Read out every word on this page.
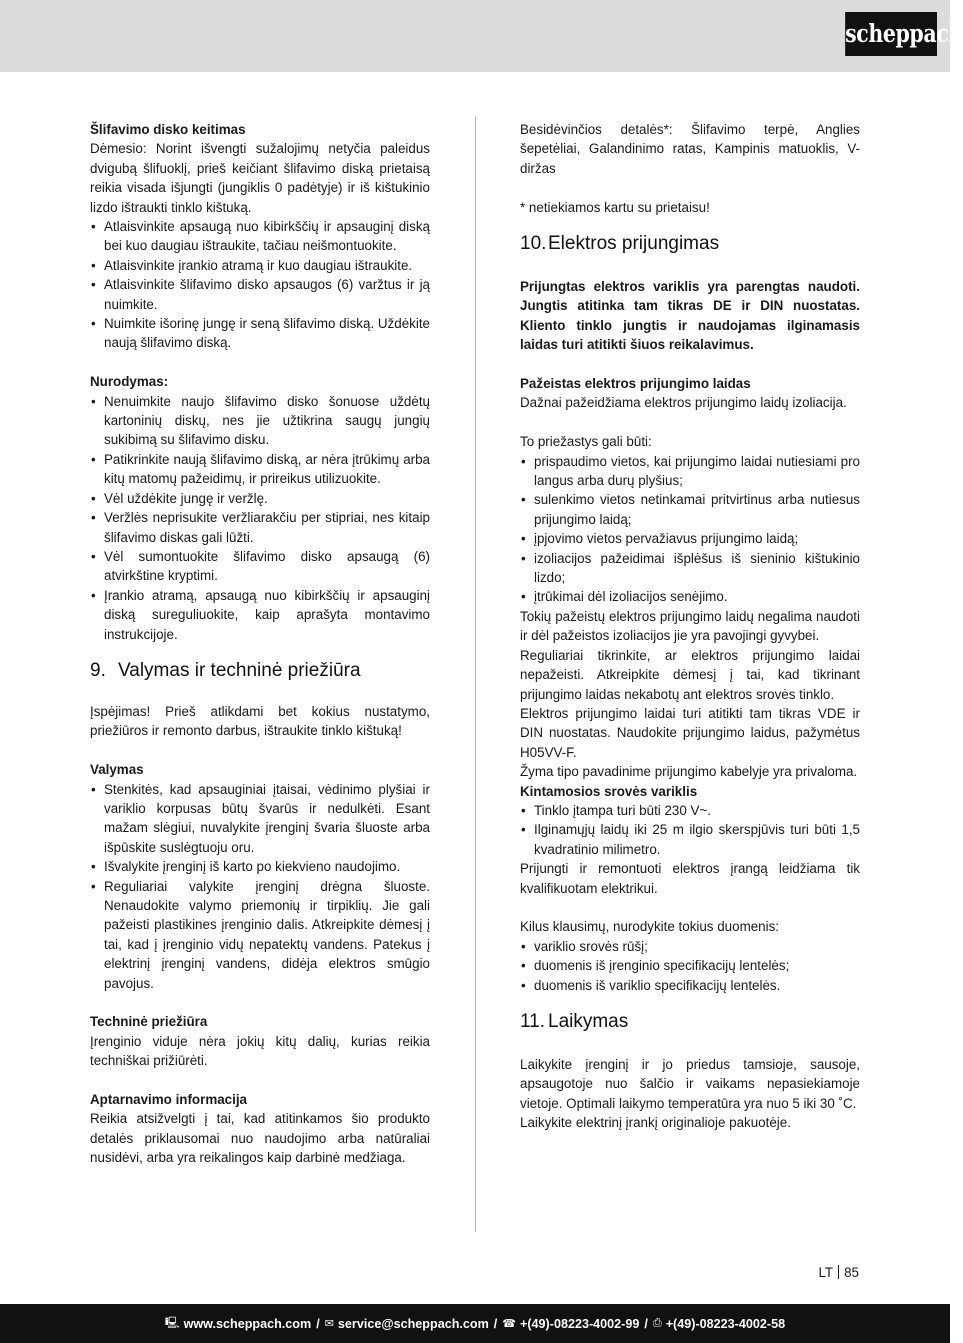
scheppach

Šlifavimo disko keitimas

Dėmesio: Norint išvengti sužalojimų netyčia paleidus dvigubą šlifuoklį, prieš keičiant šlifavimo diską prietaisą reikia visada išjungti (jungiklis 0 padėtyje) ir iš kištukinio lizdo ištraukti tinklo kištuką.

• Atlaisvinkite apsaugą nuo kibirkščių ir apsauginį diską bei kuo daugiau ištraukite, tačiau neišmontuokite.
• Atlaisvinkite įrankio atramą ir kuo daugiau ištraukite.
• Atlaisvinkite šlifavimo disko apsaugos (6) varžtus ir ją nuimkite.
• Nuimkite išorinę jungę ir seną šlifavimo diską. Uždėkite naują šlifavimo diską.

Nurodymas:

• Nenuimkite naujo šlifavimo disko šonuose uždėtų kartoninių diskų, nes jie užtikrina saugų jungių sukibimą su šlifavimo disku.
• Patikrinkite naują šlifavimo diską, ar nėra įtrūkimų arba kitų matomų pažeidimų, ir prireikus utilizuokite.
• Vėl uždėkite jungę ir veržlę.
• Veržlės neprisukite veržliarakčiu per stipriai, nes kitaip šlifavimo diskas gali lūžti.
• Vėl sumontuokite šlifavimo disko apsaugą (6) atvirkštine kryptimi.
• Įrankio atramą, apsaugą nuo kibirkščių ir apsauginį diską sureguliuokite, kaip aprašyta montavimo instrukcijoje.
9. Valymas ir techninė priežiūra

Įspėjimas! Prieš atlikdami bet kokius nustatymo, priežiūros ir remonto darbus, ištraukite tinklo kištuką!

Valymas

• Stenkitės, kad apsauginiai įtaisai, vėdinimo plyšiai ir variklio korpusas būtų švarūs ir nedulkėti. Esant mažam slėgiui, nuvalykite įrenginį švaria šluoste arba išpūskite suslėgtuoju oru.
• Išvalykite įrenginį iš karto po kiekvieno naudojimo.
• Reguliariai valykite įrenginį drėgna šluoste. Nenaudokite valymo priemonių ir tirpiklių. Jie gali pažeisti plastikines įrenginio dalis. Atkreipkite dėmesį į tai, kad į įrenginio vidų nepatektų vandens. Patekus į elektrinį įrenginį vandens, didėja elektros smūgio pavojus.

Techninė priežiūra

Įrenginio viduje nėra jokių kitų dalių, kurias reikia techniškai prižiūrėti.

Aptarnavimo informacija

Reikia atsižvelgti į tai, kad atitinkamos šio produkto detalės priklausomai nuo naudojimo arba natūraliai nusidėvi, arba yra reikalingos kaip darbinė medžiaga.

Besidėvinčios detalės*: Šlifavimo terpė, Anglies šepetėliai, Galandinimo ratas, Kampinis matuoklis, V-diržas

* netiekiamos kartu su prietaisu!

10. Elektros prijungimas

Prijungtas elektros variklis yra parengtas naudoti. Jungtis atitinka tam tikras DE ir DIN nuostatas. Kliento tinklo jungtis ir naudojamas ilginamasis laidas turi atitikti šiuos reikalavimus.

Pažeistas elektros prijungimo laidas

Dažnai pažeidžiama elektros prijungimo laidų izoliacija.

To priežastys gali būti:

• prispaudimo vietos, kai prijungimo laidai nutiesiami pro langus arba durų plyšius;
• sulenkimo vietos netinkamai pritvirtinus arba nutiesus prijungimo laidą;
• įpjovimo vietos pervažiavus prijungimo laidą;
• izoliacijos pažeidimai išplėšus iš sieninio kištukinio lizdo;
• įtrūkimai dėl izoliacijos senėjimo.

Tokių pažeistų elektros prijungimo laidų negalima naudoti ir dėl pažeistos izoliacijos jie yra pavojingi gyvybei.

Reguliariai tikrinkite, ar elektros prijungimo laidai nepažeisti. Atkreipkite dėmesį į tai, kad tikrinant prijungimo laidas nekabotų ant elektros srovės tinklo.

Elektros prijungimo laidai turi atitikti tam tikras VDE ir DIN nuostatas. Naudokite prijungimo laidus, pažymėtus H05VV-F.

Žyma tipo pavadinime prijungimo kabelyje yra privaloma.

Kintamosios srovės variklis

• Tinklo įtampa turi būti 230 V~.
• Ilginamųjų laidų iki 25 m ilgio skerspjūvis turi būti 1,5 kvadratinio milimetro.

Prijungti ir remontuoti elektros įrangą leidžiama tik kvalifikuotam elektrikui.

Kilus klausimų, nurodykite tokius duomenis:

• variklio srovės rūšį;
• duomenis iš įrenginio specifikacijų lentelės;
• duomenis iš variklio specifikacijų lentelės.
11. Laikymas

Laikykite įrenginį ir jo priedus tamsioje, sausoje, apsaugotoje nuo šalčio ir vaikams nepasiekiamoje vietoje. Optimali laikymo temperatūra yra nuo 5 iki 30 ˚C.

Laikykite elektrinį įrankį originalioje pakuotėje.

LT 85
🖳 www.scheppach.com / ✉ service@scheppach.com / ☎ +(49)-08223-4002-99 / ⎙ +(49)-08223-4002-58
